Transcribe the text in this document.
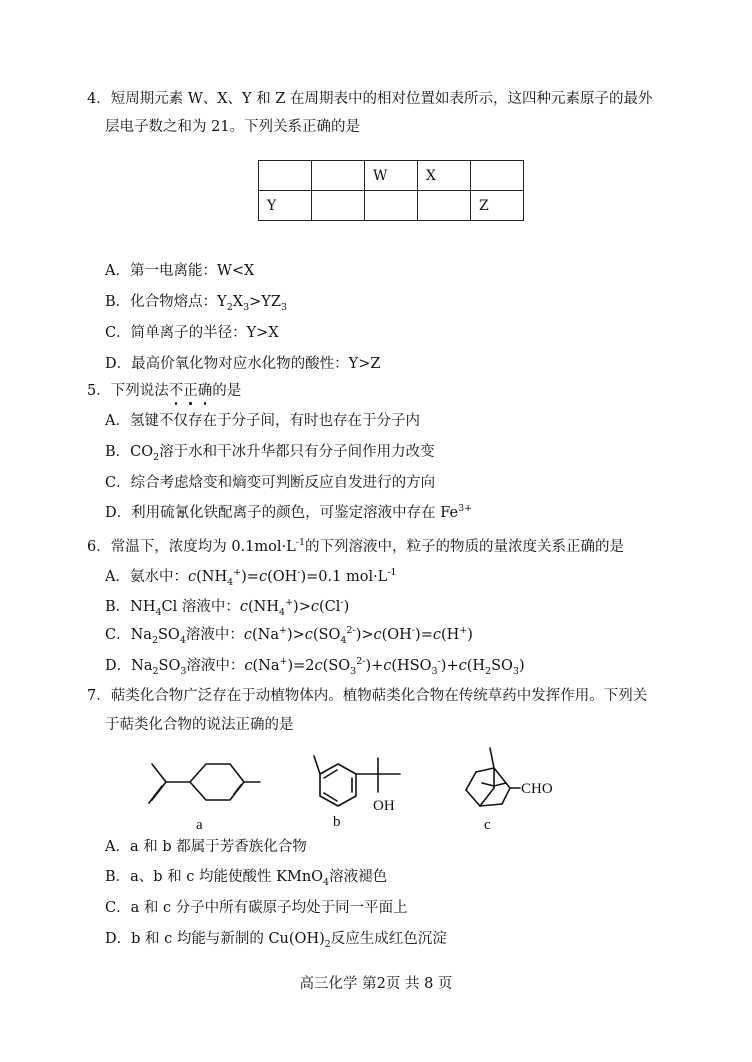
4．短周期元素 W、X、Y 和 Z 在周期表中的相对位置如表所示，这四种元素原子的最外
层电子数之和为 21。下列关系正确的是
		W	X	
Y				Z
A．第一电离能：W<X
B．化合物熔点：$Y_2X_3>YZ_3$
C．简单离子的半径：Y>X
D．最高价氧化物对应水化物的酸性：Y>Z
5．下列说法不正确的是
A．氢键不仅存在于分子间，有时也存在于分子内
B．$CO_2$溶于水和干冰升华都只有分子间作用力改变
C．综合考虑焓变和熵变可判断反应自发进行的方向
D．利用硫氰化铁配离子的颜色，可鉴定溶液中存在 $Fe^{3+}$
6．常温下，浓度均为 $0.1mol\cdot L^{-1}$的下列溶液中，粒子的物质的量浓度关系正确的是
A．氨水中：$c(NH_4^+)=c(OH^-)=0.1$ $mol\cdot L^{-1}$
B．$NH_4Cl$ 溶液中：$c(NH_4^+)>c(Cl^-)$
C．$Na_2SO_4$溶液中：$c(Na^+)>c(SO_4^{2-})>c(OH^-)=c(H^+)$
D．$Na_2SO_3$溶液中：$c(Na^+)=2c(SO_3^{2-})+c(HSO_3^-)+c(H_2SO_3)$
7．萜类化合物广泛存在于动植物体内。植物萜类化合物在传统草药中发挥作用。下列关
于萜类化合物的说法正确的是
OH
CHO
a	b	c
A．a 和 b 都属于芳香族化合物
B．a、b 和 c 均能使酸性 KMnO$_4$溶液褪色
C．a 和 c 分子中所有碳原子均处于同一平面上
D．b 和 c 均能与新制的 $Cu(OH)_2$反应生成红色沉淀
高三化学 第2页 共 8 页
